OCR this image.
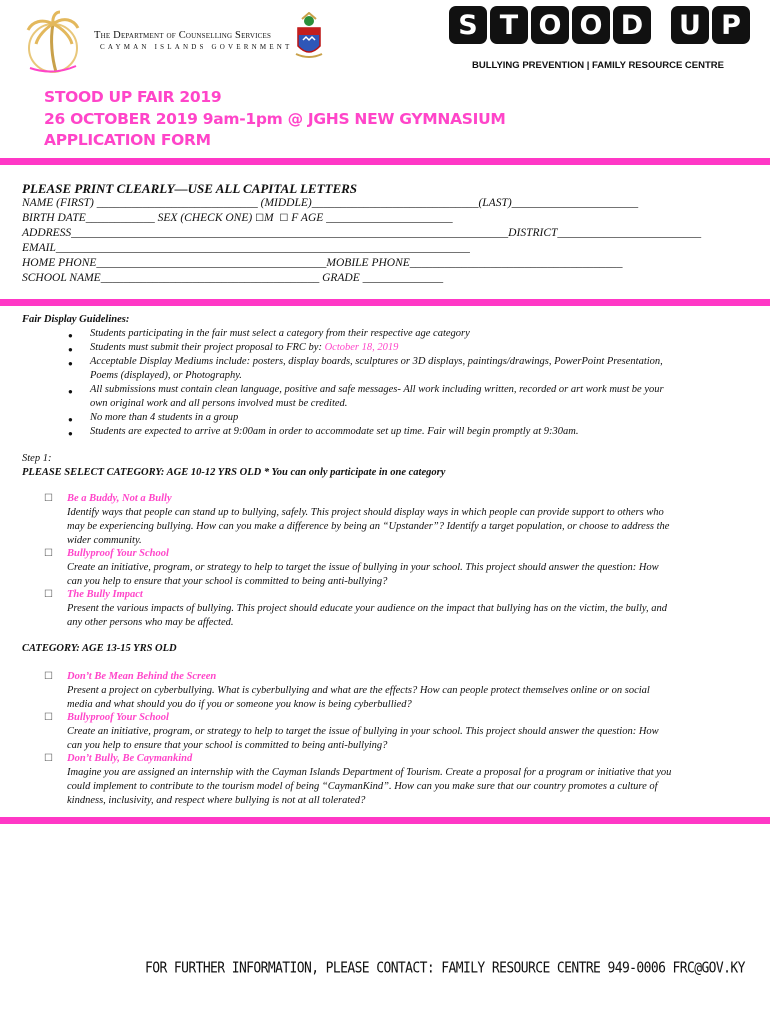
The Department of Counselling Services
CAYMAN ISLANDS GOVERNMENT
S T O O D U P
BULLYING PREVENTION | FAMILY RESOURCE CENTRE
STOOD UP FAIR 2019
26 OCTOBER 2019 9am-1pm @ JGHS NEW GYMNASIUM
APPLICATION FORM
PLEASE PRINT CLEARLY—USE ALL CAPITAL LETTERS
NAME (FIRST) ____________________________ (MIDDLE)_____________________________(LAST)______________________
BIRTH DATE____________ SEX (CHECK ONE) ☐M ☐ F AGE ______________________
ADDRESS____________________________________________________________________________DISTRICT_________________________
EMAIL________________________________________________________________________
HOME PHONE________________________________________MOBILE PHONE_____________________________________
SCHOOL NAME______________________________________ GRADE ______________
Fair Display Guidelines:
● Students participating in the fair must select a category from their respective age category
● Students must submit their project proposal to FRC by: October 18, 2019
● Acceptable Display Mediums include: posters, display boards, sculptures or 3D displays, paintings/drawings, PowerPoint Presentation,
Poems (displayed), or Photography.
● All submissions must contain clean language, positive and safe messages- All work including written, recorded or art work must be your
own original work and all persons involved must be credited.
● No more than 4 students in a group
● Students are expected to arrive at 9:00am in order to accommodate set up time. Fair will begin promptly at 9:30am.
Step 1:
PLEASE SELECT CATEGORY: AGE 10-12 YRS OLD * You can only participate in one category
☐ Be a Buddy, Not a Bully
Identify ways that people can stand up to bullying, safely. This project should display ways in which people can provide support to others who
may be experiencing bullying. How can you make a difference by being an “Upstander”? Identify a target population, or choose to address the
wider community.
☐ Bullyproof Your School
Create an initiative, program, or strategy to help to target the issue of bullying in your school. This project should answer the question: How
can you help to ensure that your school is committed to being anti-bullying?
☐ The Bully Impact
Present the various impacts of bullying. This project should educate your audience on the impact that bullying has on the victim, the bully, and
any other persons who may be affected.
CATEGORY: AGE 13-15 YRS OLD
☐ Don’t Be Mean Behind the Screen
Present a project on cyberbullying. What is cyberbullying and what are the effects? How can people protect themselves online or on social
media and what should you do if you or someone you know is being cyberbullied?
☐ Bullyproof Your School
Create an initiative, program, or strategy to help to target the issue of bullying in your school. This project should answer the question: How
can you help to ensure that your school is committed to being anti-bullying?
☐ Don’t Bully, Be Caymankind
Imagine you are assigned an internship with the Cayman Islands Department of Tourism. Create a proposal for a program or initiative that you
could implement to contribute to the tourism model of being “CaymanKind”. How can you make sure that our country promotes a culture of
kindness, inclusivity, and respect where bullying is not at all tolerated?
FOR FURTHER INFORMATION, PLEASE CONTACT: FAMILY RESOURCE CENTRE 949-0006 FRC@GOV.KY
